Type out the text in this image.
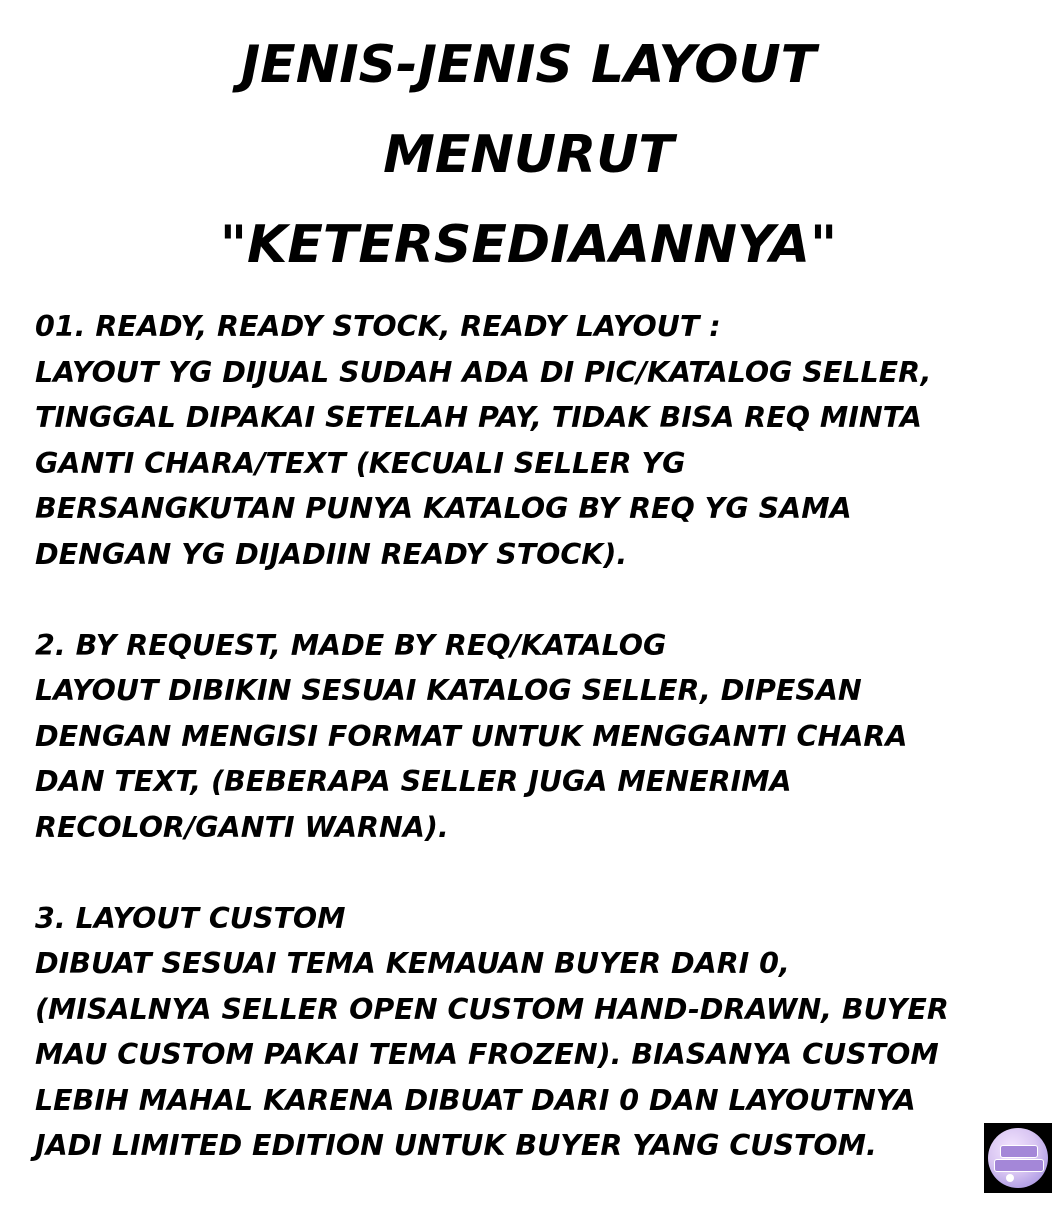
JENIS-JENIS LAYOUT
MENURUT
"KETERSEDIAANNYA"
01. READY, READY STOCK, READY LAYOUT :
LAYOUT YG DIJUAL SUDAH ADA DI PIC/KATALOG SELLER,
TINGGAL DIPAKAI SETELAH PAY, TIDAK BISA REQ MINTA
GANTI CHARA/TEXT (KECUALI SELLER YG
BERSANGKUTAN PUNYA KATALOG BY REQ YG SAMA
DENGAN YG DIJADIIN READY STOCK).
2. BY REQUEST, MADE BY REQ/KATALOG
LAYOUT DIBIKIN SESUAI KATALOG SELLER, DIPESAN
DENGAN MENGISI FORMAT UNTUK MENGGANTI CHARA
DAN TEXT, (BEBERAPA SELLER JUGA MENERIMA
RECOLOR/GANTI WARNA).
3. LAYOUT CUSTOM
DIBUAT SESUAI TEMA KEMAUAN BUYER DARI 0,
(MISALNYA SELLER OPEN CUSTOM HAND-DRAWN, BUYER
MAU CUSTOM PAKAI TEMA FROZEN). BIASANYA CUSTOM
LEBIH MAHAL KARENA DIBUAT DARI 0 DAN LAYOUTNYA
JADI LIMITED EDITION UNTUK BUYER YANG CUSTOM.
